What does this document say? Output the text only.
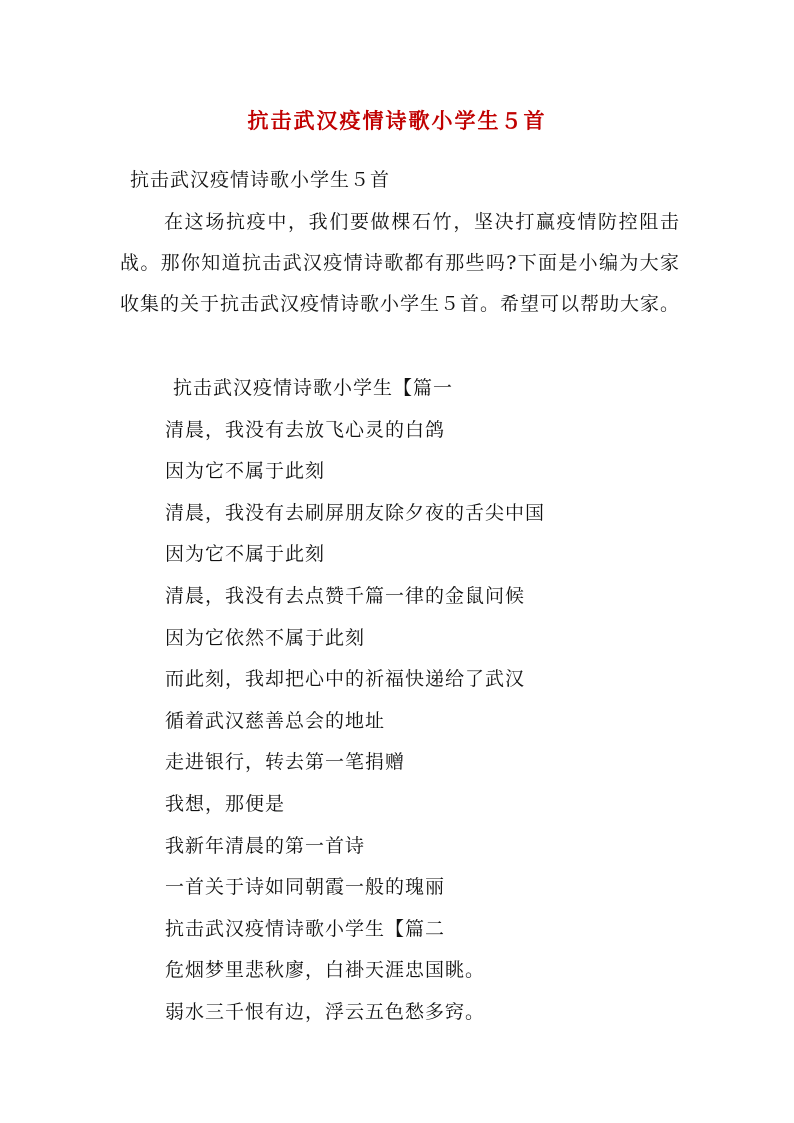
抗击武汉疫情诗歌小学生５首
抗击武汉疫情诗歌小学生５首

在这场抗疫中，我们要做棵石竹，坚决打赢疫情防控阻击战。那你知道抗击武汉疫情诗歌都有那些吗?下面是小编为大家收集的关于抗击武汉疫情诗歌小学生５首。希望可以帮助大家。

抗击武汉疫情诗歌小学生【篇一
清晨，我没有去放飞心灵的白鸽
因为它不属于此刻
清晨，我没有去刷屏朋友除夕夜的舌尖中国
因为它不属于此刻
清晨，我没有去点赞千篇一律的金鼠问候
因为它依然不属于此刻
而此刻，我却把心中的祈福快递给了武汉
循着武汉慈善总会的地址
走进银行，转去第一笔捐赠
我想，那便是
我新年清晨的第一首诗
一首关于诗如同朝霞一般的瑰丽
抗击武汉疫情诗歌小学生【篇二
危烟梦里悲秋廖，白褂天涯忠国眺。
弱水三千恨有边，浮云五色愁多窍。
